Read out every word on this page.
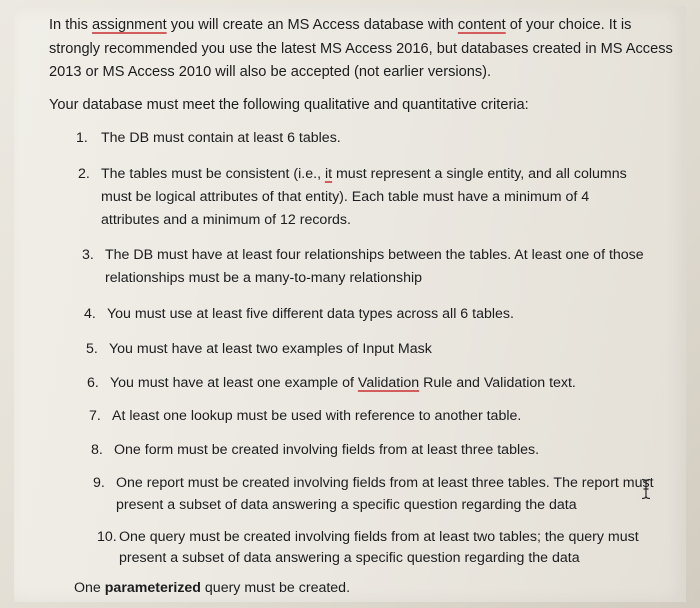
In this assignment you will create an MS Access database with content of your choice. It is
strongly recommended you use the latest MS Access 2016, but databases created in MS Access
2013 or MS Access 2010 will also be accepted (not earlier versions).
Your database must meet the following qualitative and quantitative criteria:
1. The DB must contain at least 6 tables.
2. The tables must be consistent (i.e., it must represent a single entity, and all columns
must be logical attributes of that entity). Each table must have a minimum of 4
attributes and a minimum of 12 records.
3. The DB must have at least four relationships between the tables. At least one of those
relationships must be a many-to-many relationship
4. You must use at least five different data types across all 6 tables.
5. You must have at least two examples of Input Mask
6. You must have at least one example of Validation Rule and Validation text.
7. At least one lookup must be used with reference to another table.
8. One form must be created involving fields from at least three tables.
9. One report must be created involving fields from at least three tables. The report must
present a subset of data answering a specific question regarding the data
10. One query must be created involving fields from at least two tables; the query must
present a subset of data answering a specific question regarding the data
One parameterized query must be created.
